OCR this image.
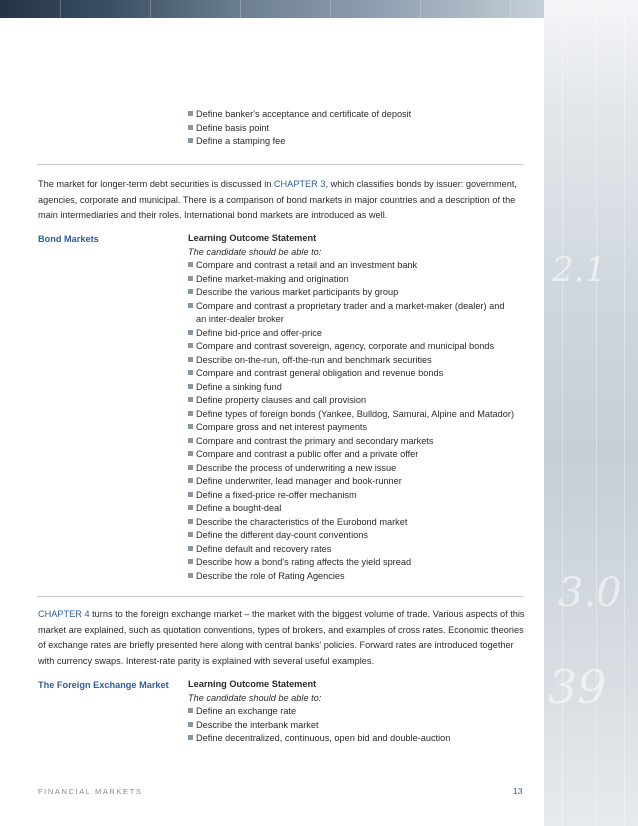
2.1
3.0
39
Define banker's acceptance and certificate of deposit
Define basis point
Define a stamping fee

The market for longer-term debt securities is discussed in CHAPTER 3, which classifies bonds by issuer: government, agencies, corporate and municipal. There is a comparison of bond markets in major countries and a description of the main intermediaries and their roles. International bond markets are introduced as well.

Bond Markets	Learning Outcome Statement
The candidate should be able to:
Compare and contrast a retail and an investment bank
Define market-making and origination
Describe the various market participants by group
Compare and contrast a proprietary trader and a market-maker (dealer) and
an inter-dealer broker
Define bid-price and offer-price
Compare and contrast sovereign, agency, corporate and municipal bonds
Describe on-the-run, off-the-run and benchmark securities
Compare and contrast general obligation and revenue bonds
Define a sinking fund
Define property clauses and call provision
Define types of foreign bonds (Yankee, Bulldog, Samurai, Alpine and Matador)
Compare gross and net interest payments
Compare and contrast the primary and secondary markets
Compare and contrast a public offer and a private offer
Describe the process of underwriting a new issue
Define underwriter, lead manager and book-runner
Define a fixed-price re-offer mechanism
Define a bought-deal
Describe the characteristics of the Eurobond market
Define the different day-count conventions
Define default and recovery rates
Describe how a bond's rating affects the yield spread
Describe the role of Rating Agencies

CHAPTER 4 turns to the foreign exchange market – the market with the biggest volume of trade. Various aspects of this market are explained, such as quotation conventions, types of brokers, and examples of cross rates. Economic theories of exchange rates are briefly presented here along with central banks' policies. Forward rates are introduced together with currency swaps. Interest-rate parity is explained with several useful examples.

The Foreign Exchange Market Learning Outcome Statement
The candidate should be able to:
Define an exchange rate
Describe the interbank market
Define decentralized, continuous, open bid and double-auction
FINANCIAL MARKETS	13
